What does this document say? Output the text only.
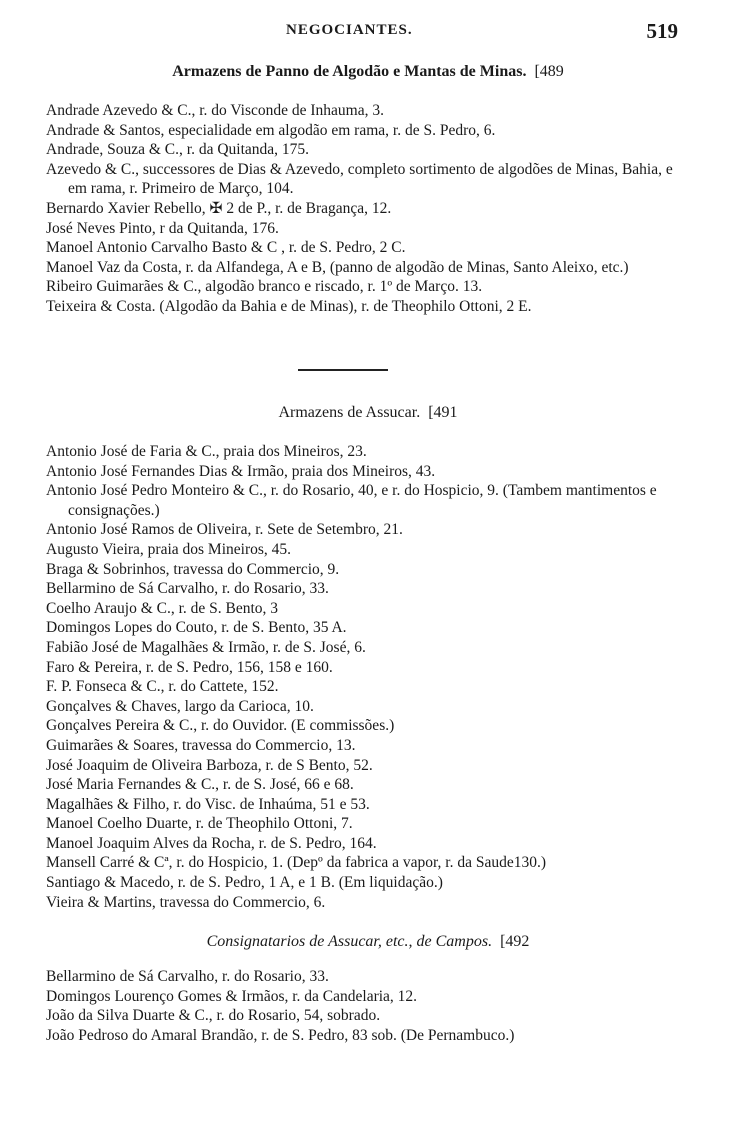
NEGOCIANTES.	519
Armazens de Panno de Algodão e Mantas de Minas. [489
Andrade Azevedo & C., r. do Visconde de Inhauma, 3.
Andrade & Santos, especialidade em algodão em rama, r. de S. Pedro, 6.
Andrade, Souza & C., r. da Quitanda, 175.
Azevedo & C., successores de Dias & Azevedo, completo sortimento de algodões de Minas, Bahia, e em rama, r. Primeiro de Março, 104.
Bernardo Xavier Rebello, ✠ 2 de P., r. de Bragança, 12.
José Neves Pinto, r da Quitanda, 176.
Manoel Antonio Carvalho Basto & C , r. de S. Pedro, 2 C.
Manoel Vaz da Costa, r. da Alfandega, A e B, (panno de algodão de Minas, Santo Aleixo, etc.)
Ribeiro Guimarães & C., algodão branco e riscado, r. 1º de Março. 13.
Teixeira & Costa. (Algodão da Bahia e de Minas), r. de Theophilo Ottoni, 2 E.
Armazens de Assucar. [491
Antonio José de Faria & C., praia dos Mineiros, 23.
Antonio José Fernandes Dias & Irmão, praia dos Mineiros, 43.
Antonio José Pedro Monteiro & C., r. do Rosario, 40, e r. do Hospicio, 9. (Tambem mantimentos e consignações.)
Antonio José Ramos de Oliveira, r. Sete de Setembro, 21.
Augusto Vieira, praia dos Mineiros, 45.
Braga & Sobrinhos, travessa do Commercio, 9.
Bellarmino de Sá Carvalho, r. do Rosario, 33.
Coelho Araujo & C., r. de S. Bento, 3
Domingos Lopes do Couto, r. de S. Bento, 35 A.
Fabião José de Magalhães & Irmão, r. de S. José, 6.
Faro & Pereira, r. de S. Pedro, 156, 158 e 160.
F. P. Fonseca & C., r. do Cattete, 152.
Gonçalves & Chaves, largo da Carioca, 10.
Gonçalves Pereira & C., r. do Ouvidor. (E commissões.)
Guimarães & Soares, travessa do Commercio, 13.
José Joaquim de Oliveira Barboza, r. de S Bento, 52.
José Maria Fernandes & C., r. de S. José, 66 e 68.
Magalhães & Filho, r. do Visc. de Inhaúma, 51 e 53.
Manoel Coelho Duarte, r. de Theophilo Ottoni, 7.
Manoel Joaquim Alves da Rocha, r. de S. Pedro, 164.
Mansell Carré & Cª, r. do Hospicio, 1. (Depº da fabrica a vapor, r. da Saude130.)
Santiago & Macedo, r. de S. Pedro, 1 A, e 1 B. (Em liquidação.)
Vieira & Martins, travessa do Commercio, 6.
Consignatarios de Assucar, etc., de Campos. [492
Bellarmino de Sá Carvalho, r. do Rosario, 33.
Domingos Lourenço Gomes & Irmãos, r. da Candelaria, 12.
João da Silva Duarte & C., r. do Rosario, 54, sobrado.
João Pedroso do Amaral Brandão, r. de S. Pedro, 83 sob. (De Pernambuco.)
